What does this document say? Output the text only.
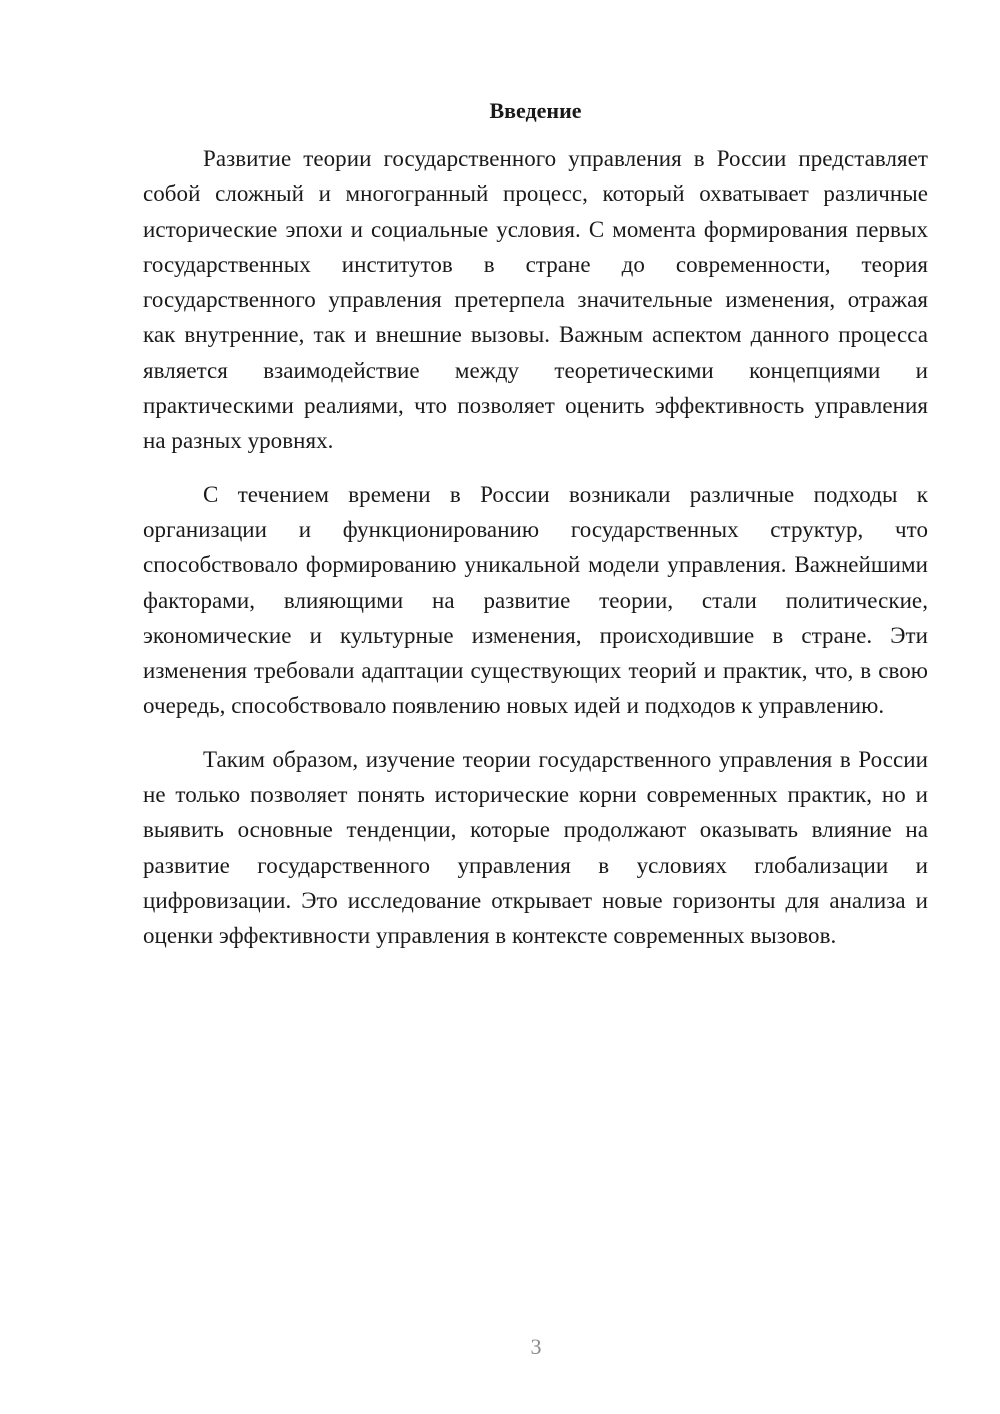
Введение

Развитие теории государственного управления в России представляет собой сложный и многогранный процесс, который охватывает различные исторические эпохи и социальные условия. С момента формирования первых государственных институтов в стране до современности, теория государственного управления претерпела значительные изменения, отражая как внутренние, так и внешние вызовы. Важным аспектом данного процесса является взаимодействие между теоретическими концепциями и практическими реалиями, что позволяет оценить эффективность управления на разных уровнях.

С течением времени в России возникали различные подходы к организации и функционированию государственных структур, что способствовало формированию уникальной модели управления. Важнейшими факторами, влияющими на развитие теории, стали политические, экономические и культурные изменения, происходившие в стране. Эти изменения требовали адаптации существующих теорий и практик, что, в свою очередь, способствовало появлению новых идей и подходов к управлению.

Таким образом, изучение теории государственного управления в России не только позволяет понять исторические корни современных практик, но и выявить основные тенденции, которые продолжают оказывать влияние на развитие государственного управления в условиях глобализации и цифровизации. Это исследование открывает новые горизонты для анализа и оценки эффективности управления в контексте современных вызовов.

3
